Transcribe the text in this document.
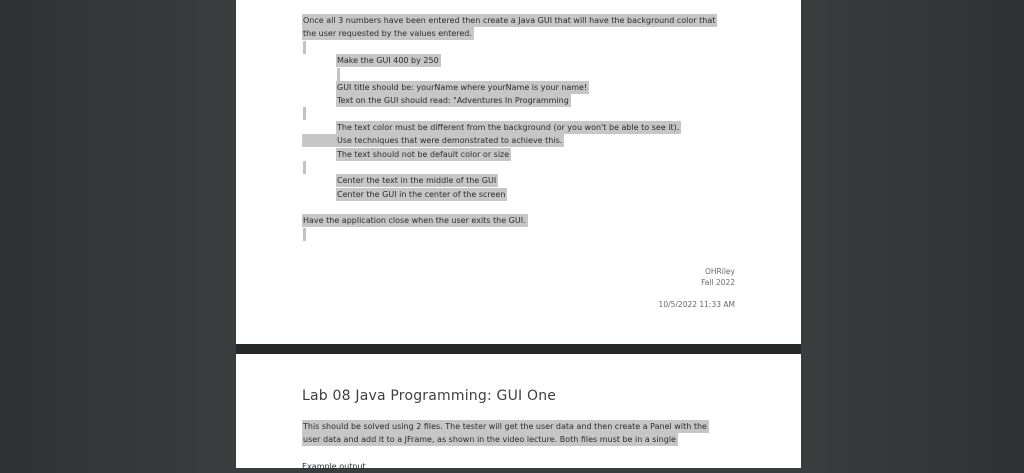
Once all 3 numbers have been entered then create a Java GUI that will have the background color that
the user requested by the values entered.
Make the GUI 400 by 250
GUI title should be: yourName where yourName is your name!
Text on the GUI should read: "Adventures In Programming
The text color must be different from the background (or you won't be able to see it).
Use techniques that were demonstrated to achieve this.
The text should not be default color or size
Center the text in the middle of the GUI
Center the GUI in the center of the screen
Have the application close when the user exits the GUI.
OHRiley
Fall 2022
10/5/2022 11:33 AM
Lab 08 Java Programming: GUI One
This should be solved using 2 files. The tester will get the user data and then create a Panel with the
user data and add it to a JFrame, as shown in the video lecture. Both files must be in a single
Example output
